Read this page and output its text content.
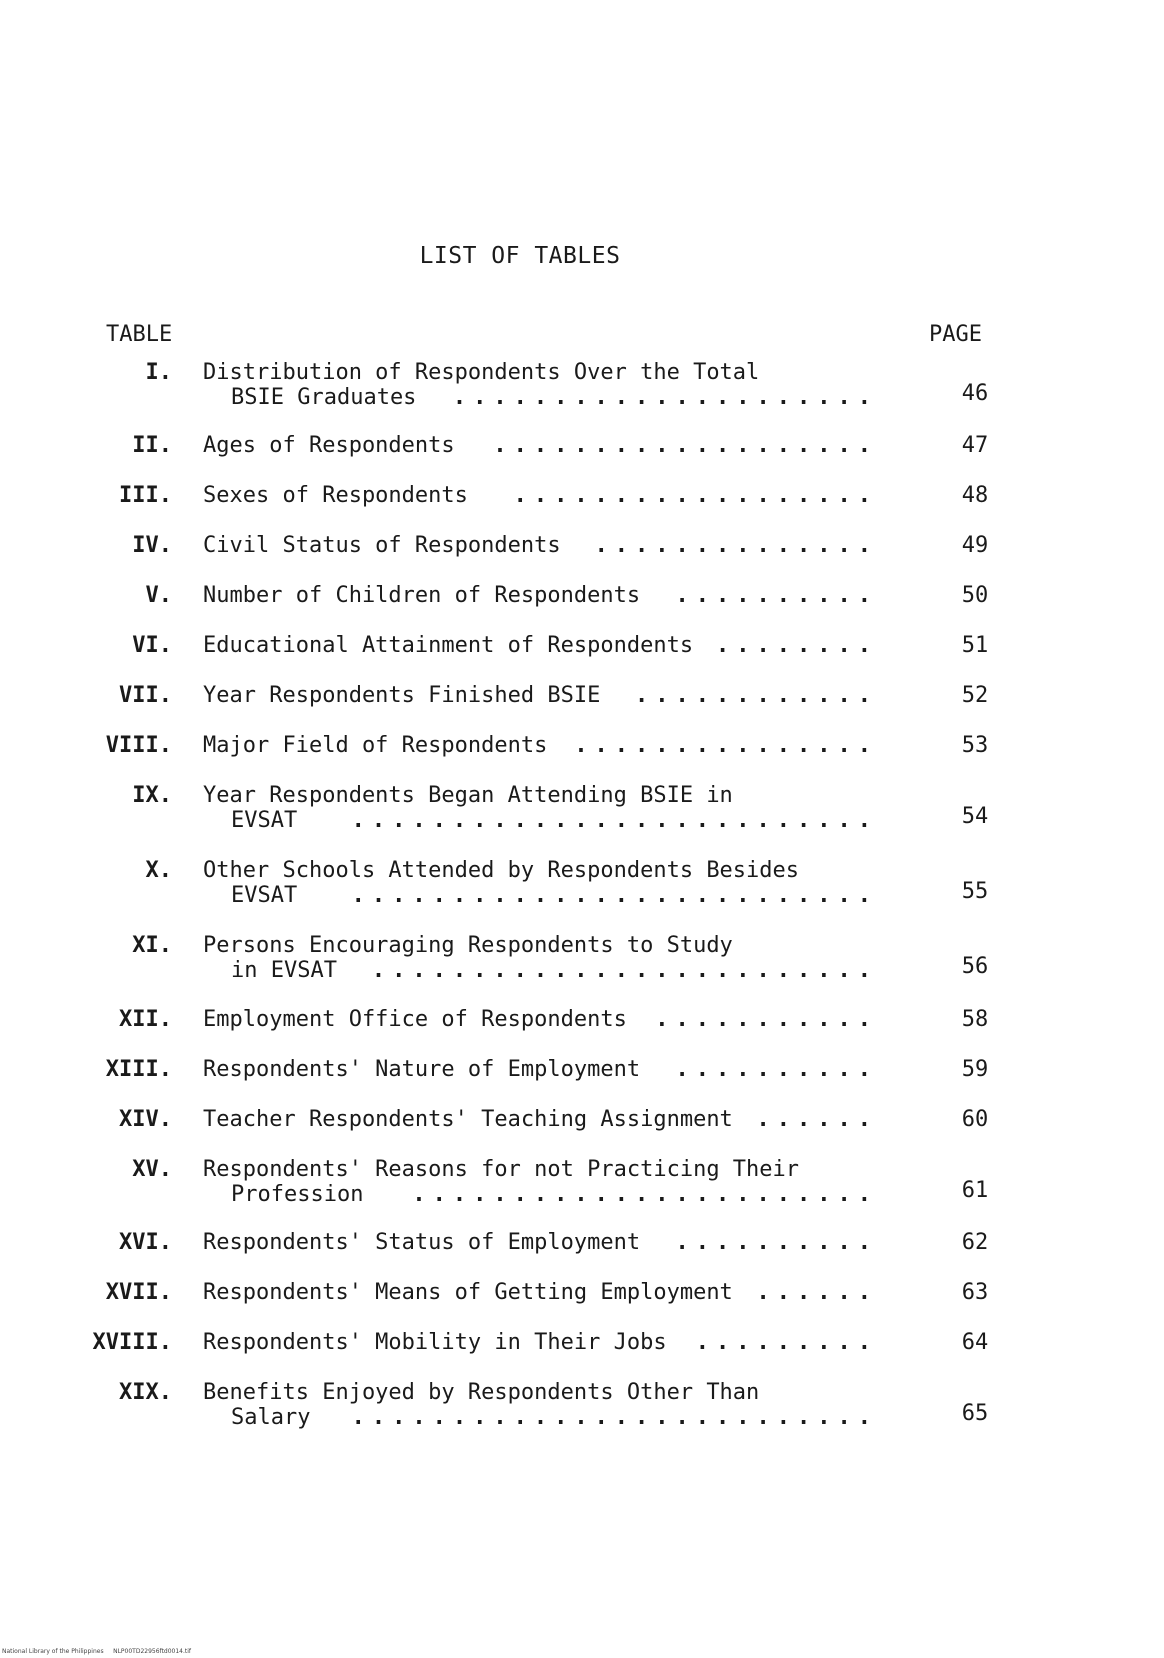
LIST OF TABLES
TABLE	PAGE
I. Distribution of Respondents Over the Total
BSIE Graduates .....................	46
II. Ages of Respondents ...................	47
III. Sexes of Respondents ..................	48
IV. Civil Status of Respondents ..............	49
V. Number of Children of Respondents ..........	50
VI. Educational Attainment of Respondents ........	51
VII. Year Respondents Finished BSIE ............	52
VIII. Major Field of Respondents ...............	53
IX. Year Respondents Began Attending BSIE in
EVSAT ..........................	54
X. Other Schools Attended by Respondents Besides
EVSAT ..........................	55
XI. Persons Encouraging Respondents to Study
in EVSAT .........................	56
XII. Employment Office of Respondents ...........	58
XIII. Respondents' Nature of Employment ..........	59
XIV. Teacher Respondents' Teaching Assignment ......	60
XV. Respondents' Reasons for not Practicing Their
Profession .......................	61
XVI. Respondents' Status of Employment ..........	62
XVII. Respondents' Means of Getting Employment ......	63
XVIII. Respondents' Mobility in Their Jobs .........	64
XIX. Benefits Enjoyed by Respondents Other Than
Salary ..........................	65
National Library of the Philippines     NLP00TD22956ftd0014.tif
